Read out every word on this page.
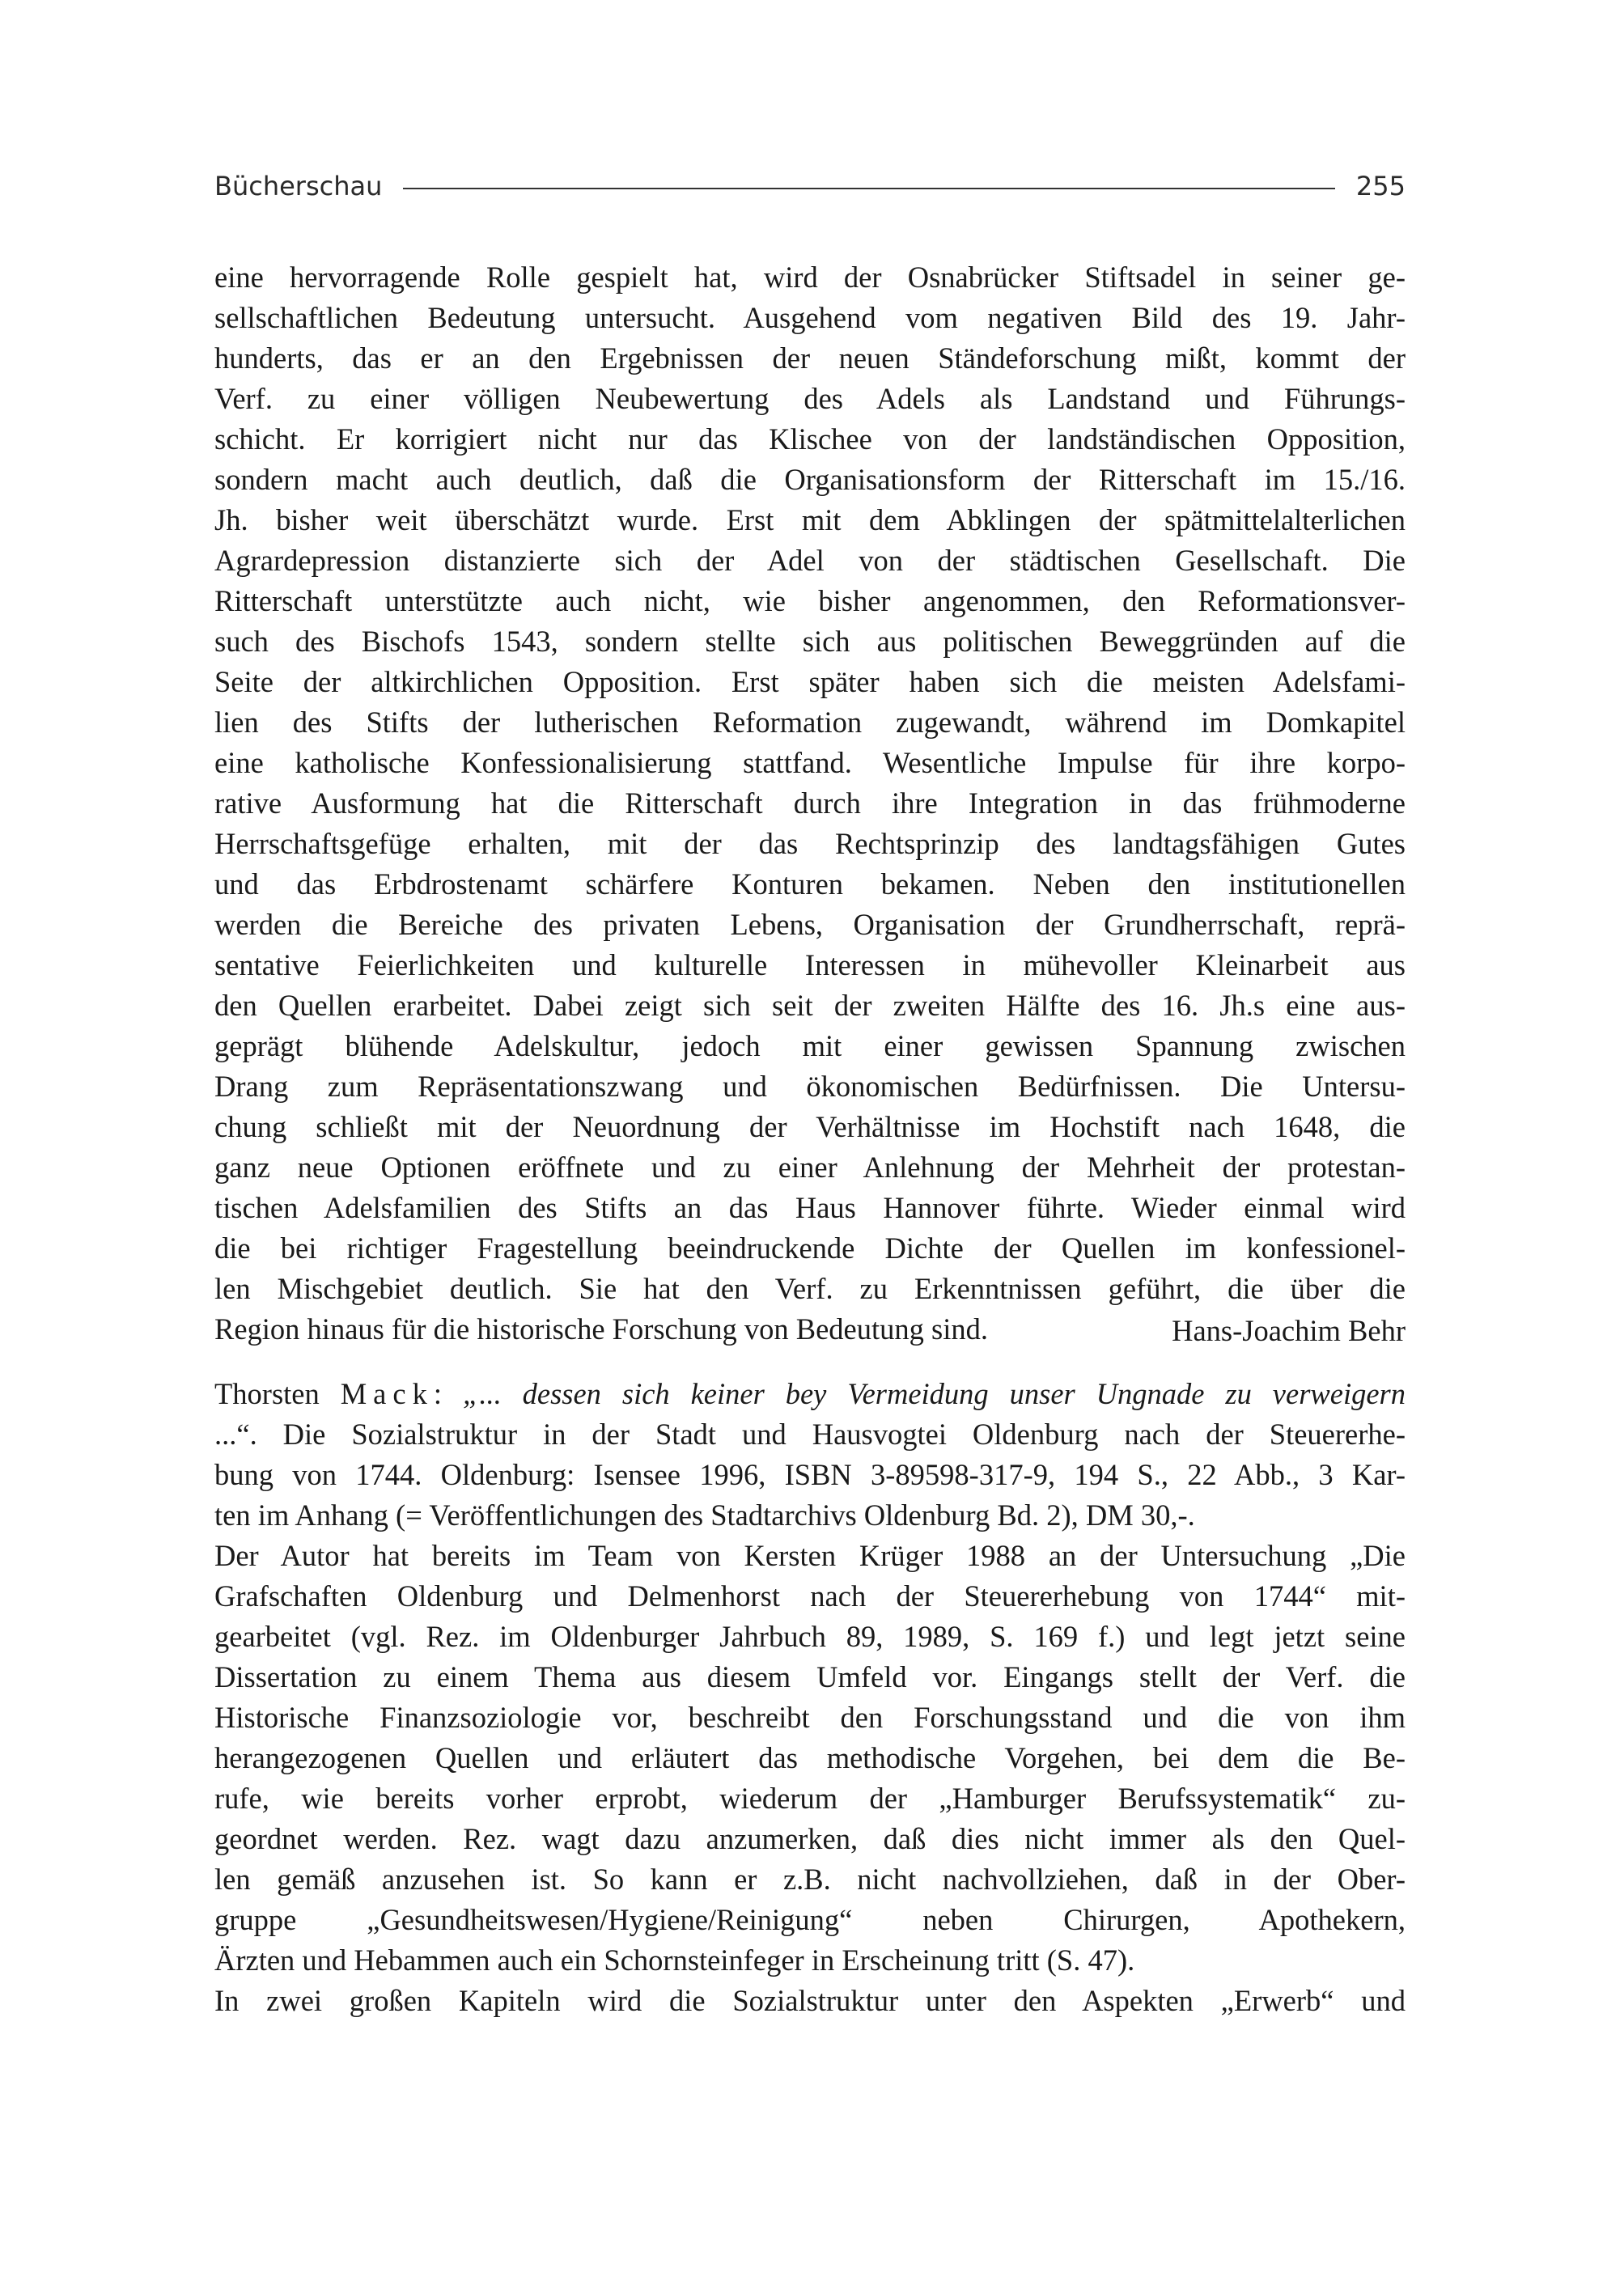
Bücherschau	255
eine hervorragende Rolle gespielt hat, wird der Osnabrücker Stiftsadel in seiner ge-
sellschaftlichen Bedeutung untersucht. Ausgehend vom negativen Bild des 19. Jahr-
hunderts, das er an den Ergebnissen der neuen Ständeforschung mißt, kommt der
Verf. zu einer völligen Neubewertung des Adels als Landstand und Führungs-
schicht. Er korrigiert nicht nur das Klischee von der landständischen Opposition,
sondern macht auch deutlich, daß die Organisationsform der Ritterschaft im 15./16.
Jh. bisher weit überschätzt wurde. Erst mit dem Abklingen der spätmittelalterlichen
Agrardepression distanzierte sich der Adel von der städtischen Gesellschaft. Die
Ritterschaft unterstützte auch nicht, wie bisher angenommen, den Reformationsver-
such des Bischofs 1543, sondern stellte sich aus politischen Beweggründen auf die
Seite der altkirchlichen Opposition. Erst später haben sich die meisten Adelsfami-
lien des Stifts der lutherischen Reformation zugewandt, während im Domkapitel
eine katholische Konfessionalisierung stattfand. Wesentliche Impulse für ihre korpo-
rative Ausformung hat die Ritterschaft durch ihre Integration in das frühmoderne
Herrschaftsgefüge erhalten, mit der das Rechtsprinzip des landtagsfähigen Gutes
und das Erbdrostenamt schärfere Konturen bekamen. Neben den institutionellen
werden die Bereiche des privaten Lebens, Organisation der Grundherrschaft, reprä-
sentative Feierlichkeiten und kulturelle Interessen in mühevoller Kleinarbeit aus
den Quellen erarbeitet. Dabei zeigt sich seit der zweiten Hälfte des 16. Jh.s eine aus-
geprägt blühende Adelskultur, jedoch mit einer gewissen Spannung zwischen
Drang zum Repräsentationszwang und ökonomischen Bedürfnissen. Die Untersu-
chung schließt mit der Neuordnung der Verhältnisse im Hochstift nach 1648, die
ganz neue Optionen eröffnete und zu einer Anlehnung der Mehrheit der protestan-
tischen Adelsfamilien des Stifts an das Haus Hannover führte. Wieder einmal wird
die bei richtiger Fragestellung beeindruckende Dichte der Quellen im konfessionel-
len Mischgebiet deutlich. Sie hat den Verf. zu Erkenntnissen geführt, die über die
Region hinaus für die historische Forschung von Bedeutung sind.	Hans-Joachim Behr
Thorsten Mack: „... dessen sich keiner bey Vermeidung unser Ungnade zu verweigern
...“. Die Sozialstruktur in der Stadt und Hausvogtei Oldenburg nach der Steuererhe-
bung von 1744. Oldenburg: Isensee 1996, ISBN 3-89598-317-9, 194 S., 22 Abb., 3 Kar-
ten im Anhang (= Veröffentlichungen des Stadtarchivs Oldenburg Bd. 2), DM 30,-.
Der Autor hat bereits im Team von Kersten Krüger 1988 an der Untersuchung „Die
Grafschaften Oldenburg und Delmenhorst nach der Steuererhebung von 1744“ mit-
gearbeitet (vgl. Rez. im Oldenburger Jahrbuch 89, 1989, S. 169 f.) und legt jetzt seine
Dissertation zu einem Thema aus diesem Umfeld vor. Eingangs stellt der Verf. die
Historische Finanzsoziologie vor, beschreibt den Forschungsstand und die von ihm
herangezogenen Quellen und erläutert das methodische Vorgehen, bei dem die Be-
rufe, wie bereits vorher erprobt, wiederum der „Hamburger Berufssystematik“ zu-
geordnet werden. Rez. wagt dazu anzumerken, daß dies nicht immer als den Quel-
len gemäß anzusehen ist. So kann er z.B. nicht nachvollziehen, daß in der Ober-
gruppe „Gesundheitswesen/Hygiene/Reinigung“ neben Chirurgen, Apothekern,
Ärzten und Hebammen auch ein Schornsteinfeger in Erscheinung tritt (S. 47).
In zwei großen Kapiteln wird die Sozialstruktur unter den Aspekten „Erwerb“ und
